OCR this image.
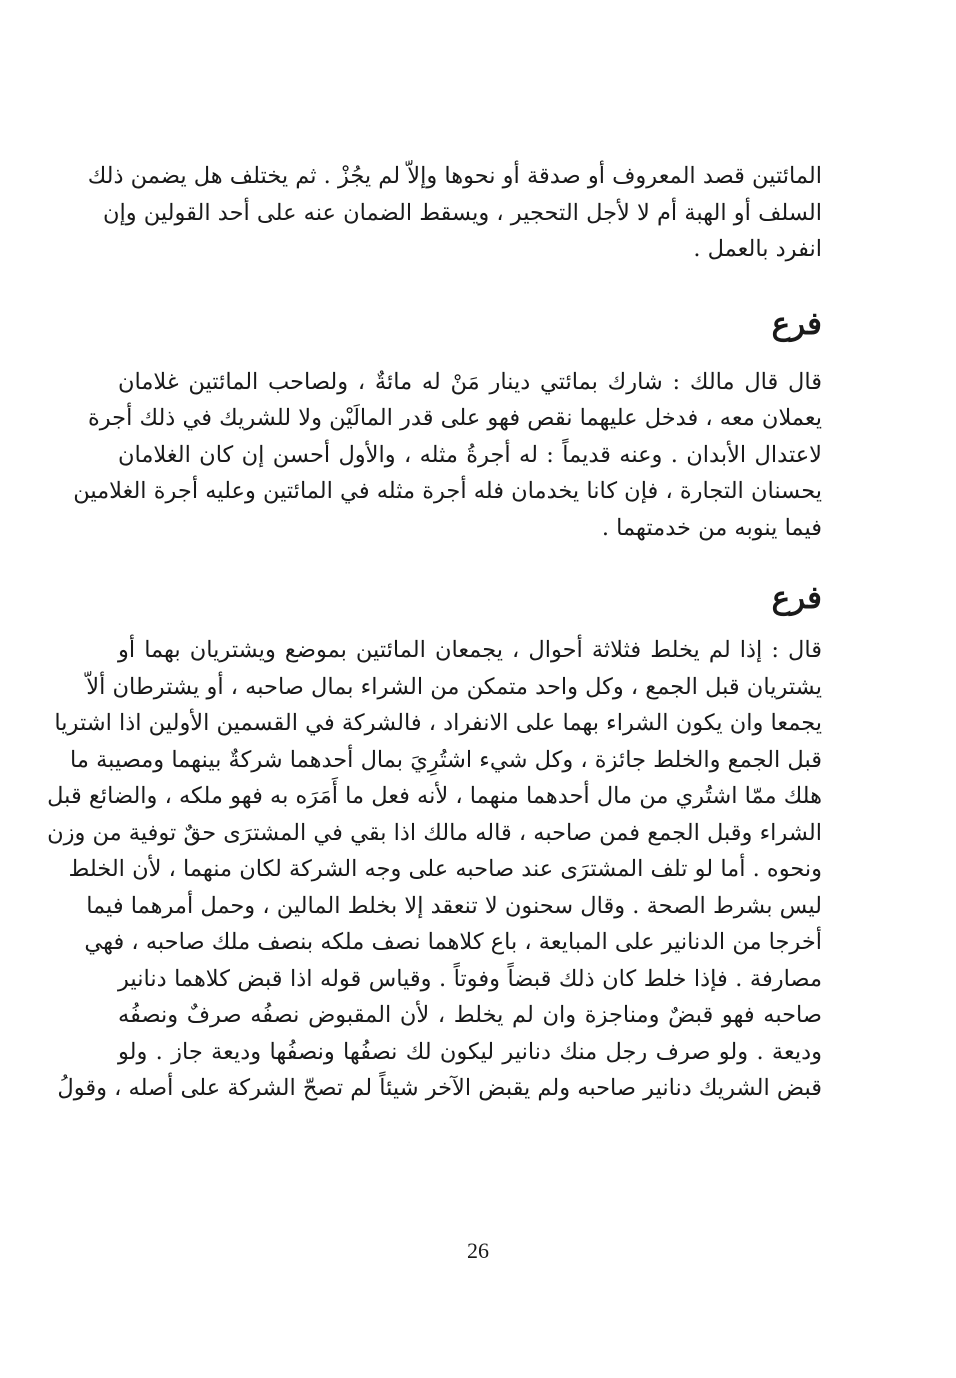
المائتين قصد المعروف أو صدقة أو نحوها وإلاّ لم يجُزْ . ثم يختلف هل يضمن ذلك
السلف أو الهبة أم لا لأجل التحجير ، ويسقط الضمان عنه على أحد القولين وإن
انفرد بالعمل .
فرع
قال قال مالك : شارك بمائتي دينار مَنْ له مائةٌ ، ولصاحب المائتين غلامان
يعملان معه ، فدخل عليهما نقص فهو على قدر المالَيْن ولا للشريك في ذلك أجرة
لاعتدال الأبدان . وعنه قديماً : له أجرةُ مثله ، والأول أحسن إن كان الغلامان
يحسنان التجارة ، فإن كانا يخدمان فله أجرة مثله في المائتين وعليه أجرة الغلامين
فيما ينوبه من خدمتهما .
فرع
قال : إذا لم يخلط فثلاثة أحوال ، يجمعان المائتين بموضع ويشتريان بهما أو
يشتريان قبل الجمع ، وكل واحد متمكن من الشراء بمال صاحبه ، أو يشترطان ألاّ
يجمعا وان يكون الشراء بهما على الانفراد ، فالشركة في القسمين الأولين اذا اشتريا
قبل الجمع والخلط جائزة ، وكل شيء اشتُرِيَ بمال أحدهما شركةٌ بينهما ومصيبة ما
هلك ممّا اشتُري من مال أحدهما منهما ، لأنه فعل ما أَمَرَه به فهو ملكه ، والضائع قبل
الشراء وقبل الجمع فمن صاحبه ، قاله مالك اذا بقي في المشترَى حقٌ توفية من وزن
ونحوه . أما لو تلف المشترَى عند صاحبه على وجه الشركة لكان منهما ، لأن الخلط
ليس بشرط الصحة . وقال سحنون لا تنعقد إلا بخلط المالين ، وحمل أمرهما فيما
أخرجا من الدنانير على المبايعة ، باع كلاهما نصف ملكه بنصف ملك صاحبه ، فهي
مصارفة . فإذا خلط كان ذلك قبضاً وفوتاً . وقياس قوله اذا قبض كلاهما دنانير
صاحبه فهو قبضٌ ومناجزة وان لم يخلط ، لأن المقبوض نصفُه صرفٌ ونصفُه
وديعة . ولو صرف رجل منك دنانير ليكون لك نصفُها ونصفُها وديعة جاز . ولو
قبض الشريك دنانير صاحبه ولم يقبض الآخر شيئاً لم تصحّ الشركة على أصله ، وقولُ
26
